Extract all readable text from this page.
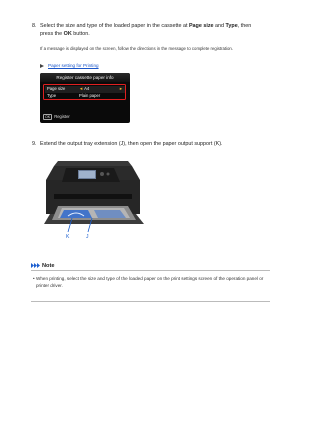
8. Select the size and type of the loaded paper in the cassette at Page size and Type, then
press the OK button.
If a message is displayed on the screen, follow the directions in the message to complete registration.
Paper setting for Printing
Register cassette paper info
Page size	◄ A4	►
Type	Plain paper
OK Register
9. Extend the output tray extension (J), then open the paper output support (K).
K	J
Note
• When printing, select the size and type of the loaded paper on the print settings screen of the operation panel or printer driver.
